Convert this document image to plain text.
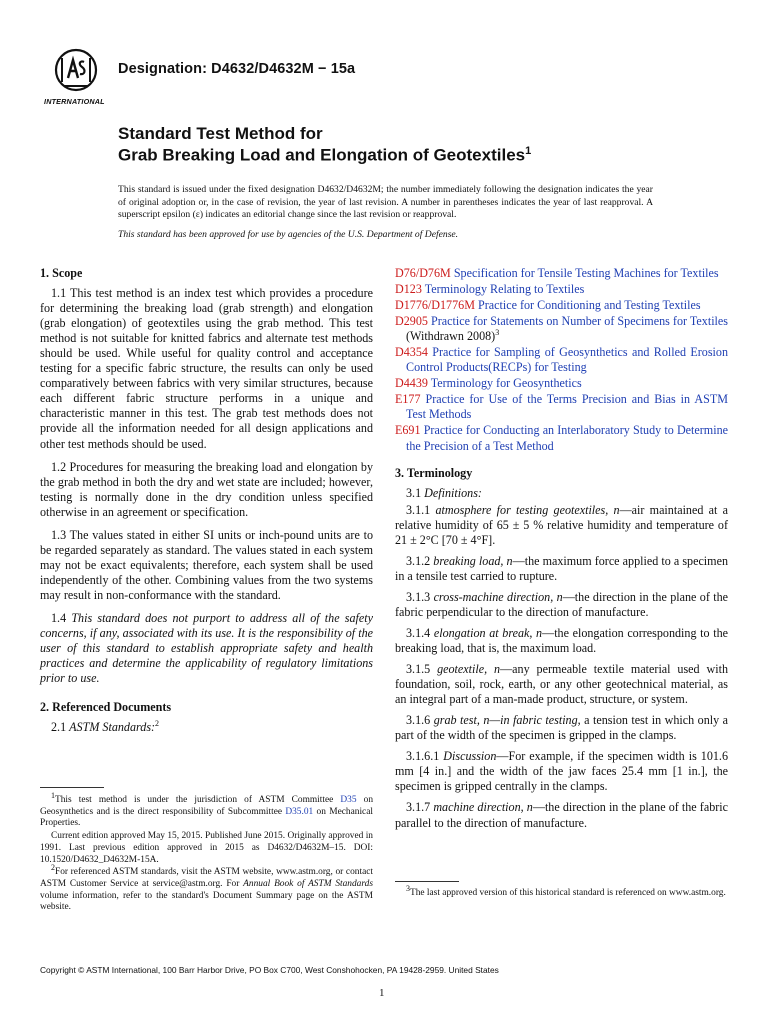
INTERNATIONAL
Designation: D4632/D4632M − 15a
Standard Test Method for
Grab Breaking Load and Elongation of Geotextiles$^1$
This standard is issued under the fixed designation D4632/D4632M; the number immediately following the designation indicates the year of original adoption or, in the case of revision, the year of last revision. A number in parentheses indicates the year of last reapproval. A superscript epsilon (ε) indicates an editorial change since the last revision or reapproval.
This standard has been approved for use by agencies of the U.S. Department of Defense.
1. Scope

1.1 This test method is an index test which provides a procedure for determining the breaking load (grab strength) and elongation (grab elongation) of geotextiles using the grab method. This test method is not suitable for knitted fabrics and alternate test methods should be used. While useful for quality control and acceptance testing for a specific fabric structure, the results can only be used comparatively between fabrics with very similar structures, because each different fabric structure performs in a unique and characteristic manner in this test. The grab test methods does not provide all the information needed for all design applications and other test methods should be used.

1.2 Procedures for measuring the breaking load and elongation by the grab method in both the dry and wet state are included; however, testing is normally done in the dry condition unless specified otherwise in an agreement or specification.

1.3 The values stated in either SI units or inch-pound units are to be regarded separately as standard. The values stated in each system may not be exact equivalents; therefore, each system shall be used independently of the other. Combining values from the two systems may result in non-conformance with the standard.

1.4 This standard does not purport to address all of the safety concerns, if any, associated with its use. It is the responsibility of the user of this standard to establish appropriate safety and health practices and determine the applicability of regulatory limitations prior to use.

2. Referenced Documents

2.1 ASTM Standards:$^2$

D76/D76M Specification for Tensile Testing Machines for Textiles

D123 Terminology Relating to Textiles

D1776/D1776M Practice for Conditioning and Testing Textiles

D2905 Practice for Statements on Number of Specimens for Textiles (Withdrawn 2008)$^3$

D4354 Practice for Sampling of Geosynthetics and Rolled Erosion Control Products(RECPs) for Testing

D4439 Terminology for Geosynthetics

E177 Practice for Use of the Terms Precision and Bias in ASTM Test Methods

E691 Practice for Conducting an Interlaboratory Study to Determine the Precision of a Test Method

3. Terminology

3.1 Definitions:

3.1.1 atmosphere for testing geotextiles, n—air maintained at a relative humidity of 65 ± 5 % relative humidity and temperature of 21 ± 2°C [70 ± 4°F].

3.1.2 breaking load, n—the maximum force applied to a specimen in a tensile test carried to rupture.

3.1.3 cross-machine direction, n—the direction in the plane of the fabric perpendicular to the direction of manufacture.

3.1.4 elongation at break, n—the elongation corresponding to the breaking load, that is, the maximum load.

3.1.5 geotextile, n—any permeable textile material used with foundation, soil, rock, earth, or any other geotechnical material, as an integral part of a man-made product, structure, or system.

3.1.6 grab test, n—in fabric testing, a tension test in which only a part of the width of the specimen is gripped in the clamps.

3.1.6.1 Discussion—For example, if the specimen width is 101.6 mm [4 in.] and the width of the jaw faces 25.4 mm [1 in.], the specimen is gripped centrally in the clamps.

3.1.7 machine direction, n—the direction in the plane of the fabric parallel to the direction of manufacture.

1This test method is under the jurisdiction of ASTM Committee D35 on Geosynthetics and is the direct responsibility of Subcommittee D35.01 on Mechanical Properties.

Current edition approved May 15, 2015. Published June 2015. Originally approved in 1991. Last previous edition approved in 2015 as D4632/D4632M–15. DOI: 10.1520/D4632_D4632M-15A.

2For referenced ASTM standards, visit the ASTM website, www.astm.org, or contact ASTM Customer Service at service@astm.org. For Annual Book of ASTM Standards volume information, refer to the standard's Document Summary page on the ASTM website.

3The last approved version of this historical standard is referenced on www.astm.org.

Copyright © ASTM International, 100 Barr Harbor Drive, PO Box C700, West Conshohocken, PA 19428-2959. United States
1
